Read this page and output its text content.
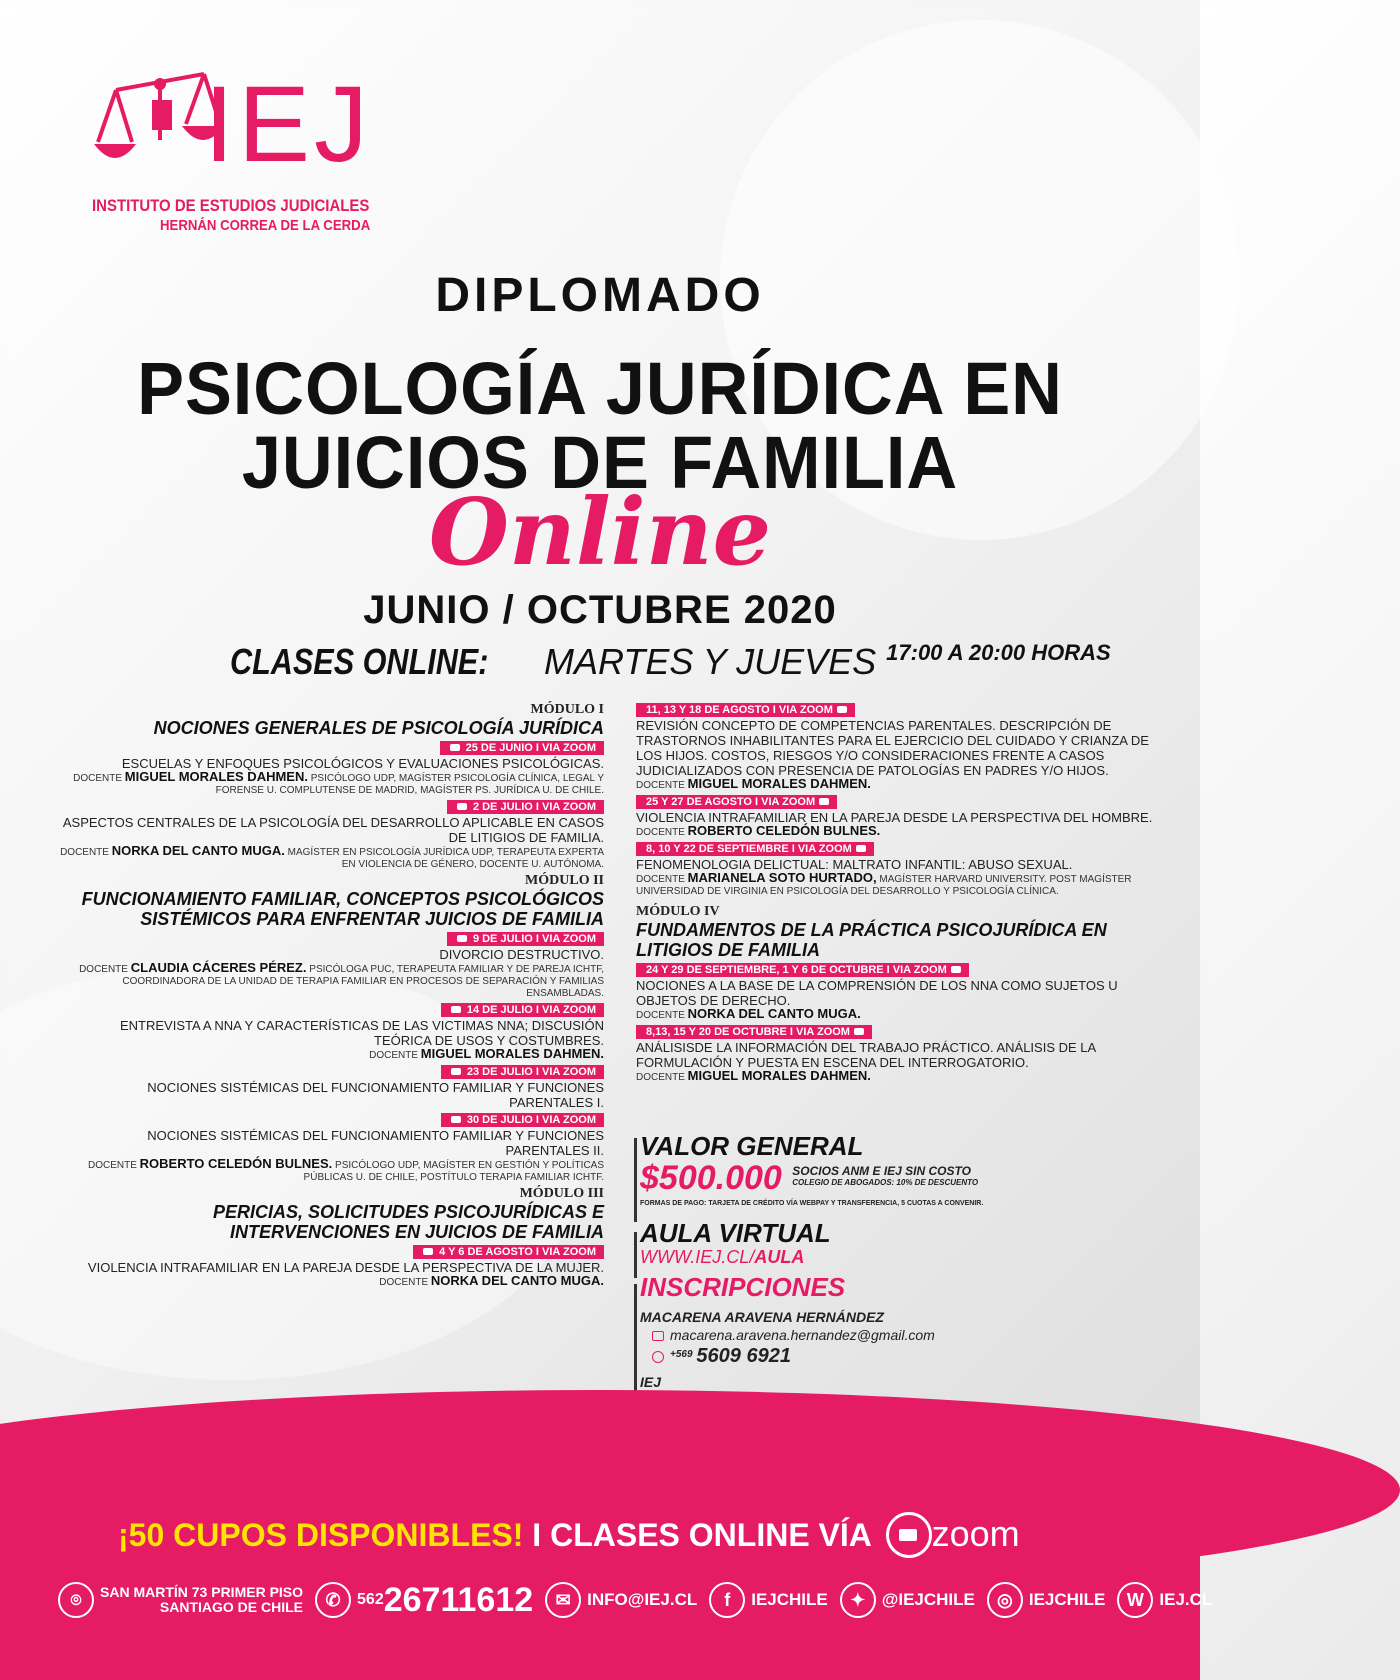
IEJ
INSTITUTO DE ESTUDIOS JUDICIALES
HERNÁN CORREA DE LA CERDA
DIPLOMADO
PSICOLOGÍA JURÍDICA EN
JUICIOS DE FAMILIA
Online
JUNIO / OCTUBRE 2020
CLASES ONLINE: MARTES Y JUEVES 17:00 A 20:00 HORAS
MÓDULO I
NOCIONES GENERALES DE PSICOLOGÍA JURÍDICA
25 DE JUNIO I VIA ZOOM
ESCUELAS Y ENFOQUES PSICOLÓGICOS Y EVALUACIONES PSICOLÓGICAS.
DOCENTE MIGUEL MORALES DAHMEN. PSICÓLOGO UDP, MAGÍSTER PSICOLOGÍA CLÍNICA, LEGAL Y FORENSE U. COMPLUTENSE DE MADRID, MAGÍSTER PS. JURÍDICA U. DE CHILE.
2 DE JULIO I VIA ZOOM
ASPECTOS CENTRALES DE LA PSICOLOGÍA DEL DESARROLLO APLICABLE EN CASOS DE LITIGIOS DE FAMILIA.
DOCENTE NORKA DEL CANTO MUGA. MAGÍSTER EN PSICOLOGÍA JURÍDICA UDP, TERAPEUTA EXPERTA EN VIOLENCIA DE GÉNERO, DOCENTE U. AUTÓNOMA.
MÓDULO II
FUNCIONAMIENTO FAMILIAR, CONCEPTOS PSICOLÓGICOS SISTÉMICOS PARA ENFRENTAR JUICIOS DE FAMILIA
9 DE JULIO I VIA ZOOM
DIVORCIO DESTRUCTIVO.
DOCENTE CLAUDIA CÁCERES PÉREZ. PSICÓLOGA PUC, TERAPEUTA FAMILIAR Y DE PAREJA ICHTF, COORDINADORA DE LA UNIDAD DE TERAPIA FAMILIAR EN PROCESOS DE SEPARACIÓN Y FAMILIAS ENSAMBLADAS.
14 DE JULIO I VIA ZOOM
ENTREVISTA A NNA Y CARACTERÍSTICAS DE LAS VICTIMAS NNA; DISCUSIÓN TEÓRICA DE USOS Y COSTUMBRES.
DOCENTE MIGUEL MORALES DAHMEN.
23 DE JULIO I VIA ZOOM
NOCIONES SISTÉMICAS DEL FUNCIONAMIENTO FAMILIAR Y FUNCIONES PARENTALES I.
30 DE JULIO I VIA ZOOM
NOCIONES SISTÉMICAS DEL FUNCIONAMIENTO FAMILIAR Y FUNCIONES PARENTALES II.
DOCENTE ROBERTO CELEDÓN BULNES. PSICÓLOGO UDP, MAGÍSTER EN GESTIÓN Y POLÍTICAS PÚBLICAS U. DE CHILE, POSTÍTULO TERAPIA FAMILIAR ICHTF.
MÓDULO III
PERICIAS, SOLICITUDES PSICOJURÍDICAS E INTERVENCIONES EN JUICIOS DE FAMILIA
4 Y 6 DE AGOSTO I VIA ZOOM
VIOLENCIA INTRAFAMILIAR EN LA PAREJA DESDE LA PERSPECTIVA DE LA MUJER.
DOCENTE NORKA DEL CANTO MUGA.
11, 13 Y 18 DE AGOSTO I VIA ZOOM
REVISIÓN CONCEPTO DE COMPETENCIAS PARENTALES. DESCRIPCIÓN DE TRASTORNOS INHABILITANTES PARA EL EJERCICIO DEL CUIDADO Y CRIANZA DE LOS HIJOS. COSTOS, RIESGOS Y/O CONSIDERACIONES FRENTE A CASOS JUDICIALIZADOS CON PRESENCIA DE PATOLOGÍAS EN PADRES Y/O HIJOS.
DOCENTE MIGUEL MORALES DAHMEN.
25 Y 27 DE AGOSTO I VIA ZOOM
VIOLENCIA INTRAFAMILIAR EN LA PAREJA DESDE LA PERSPECTIVA DEL HOMBRE.
DOCENTE ROBERTO CELEDÓN BULNES.
8, 10 Y 22 DE SEPTIEMBRE I VIA ZOOM
FENOMENOLOGIA DELICTUAL: MALTRATO INFANTIL: ABUSO SEXUAL.
DOCENTE MARIANELA SOTO HURTADO, MAGÍSTER HARVARD UNIVERSITY. POST MAGÍSTER UNIVERSIDAD DE VIRGINIA EN PSICOLOGÍA DEL DESARROLLO Y PSICOLOGÍA CLÍNICA.
MÓDULO IV
FUNDAMENTOS DE LA PRÁCTICA PSICOJURÍDICA EN LITIGIOS DE FAMILIA
24 Y 29 DE SEPTIEMBRE, 1 Y 6 DE OCTUBRE I VIA ZOOM
NOCIONES A LA BASE DE LA COMPRENSIÓN DE LOS NNA COMO SUJETOS U OBJETOS DE DERECHO.
DOCENTE NORKA DEL CANTO MUGA.
8,13, 15 Y 20 DE OCTUBRE I VIA ZOOM
ANÁLISISDE LA INFORMACIÓN DEL TRABAJO PRÁCTICO. ANÁLISIS DE LA FORMULACIÓN Y PUESTA EN ESCENA DEL INTERROGATORIO.
DOCENTE MIGUEL MORALES DAHMEN.
VALOR GENERAL
$500.000 SOCIOS ANM E IEJ SIN COSTO
COLEGIO DE ABOGADOS: 10% DE DESCUENTO
FORMAS DE PAGO: TARJETA DE CRÉDITO VÍA WEBPAY Y TRANSFERENCIA, 5 CUOTAS A CONVENIR.
AULA VIRTUAL
WWW.IEJ.CL/AULA
INSCRIPCIONES
MACARENA ARAVENA HERNÁNDEZ
macarena.aravena.hernandez@gmail.com
$^{+569}$ 5609 6921
IEJ
¡50 CUPOS DISPONIBLES! I CLASES ONLINE VÍA zoom
⌾	SAN MARTÍN 73 PRIMER PISO
SANTIAGO DE CHILE	✆	562 26711612	✉ INFO@IEJ.CL	f	IEJCHILE	✦ @IEJCHILE	◎ IEJCHILE	W IEJ.CL
